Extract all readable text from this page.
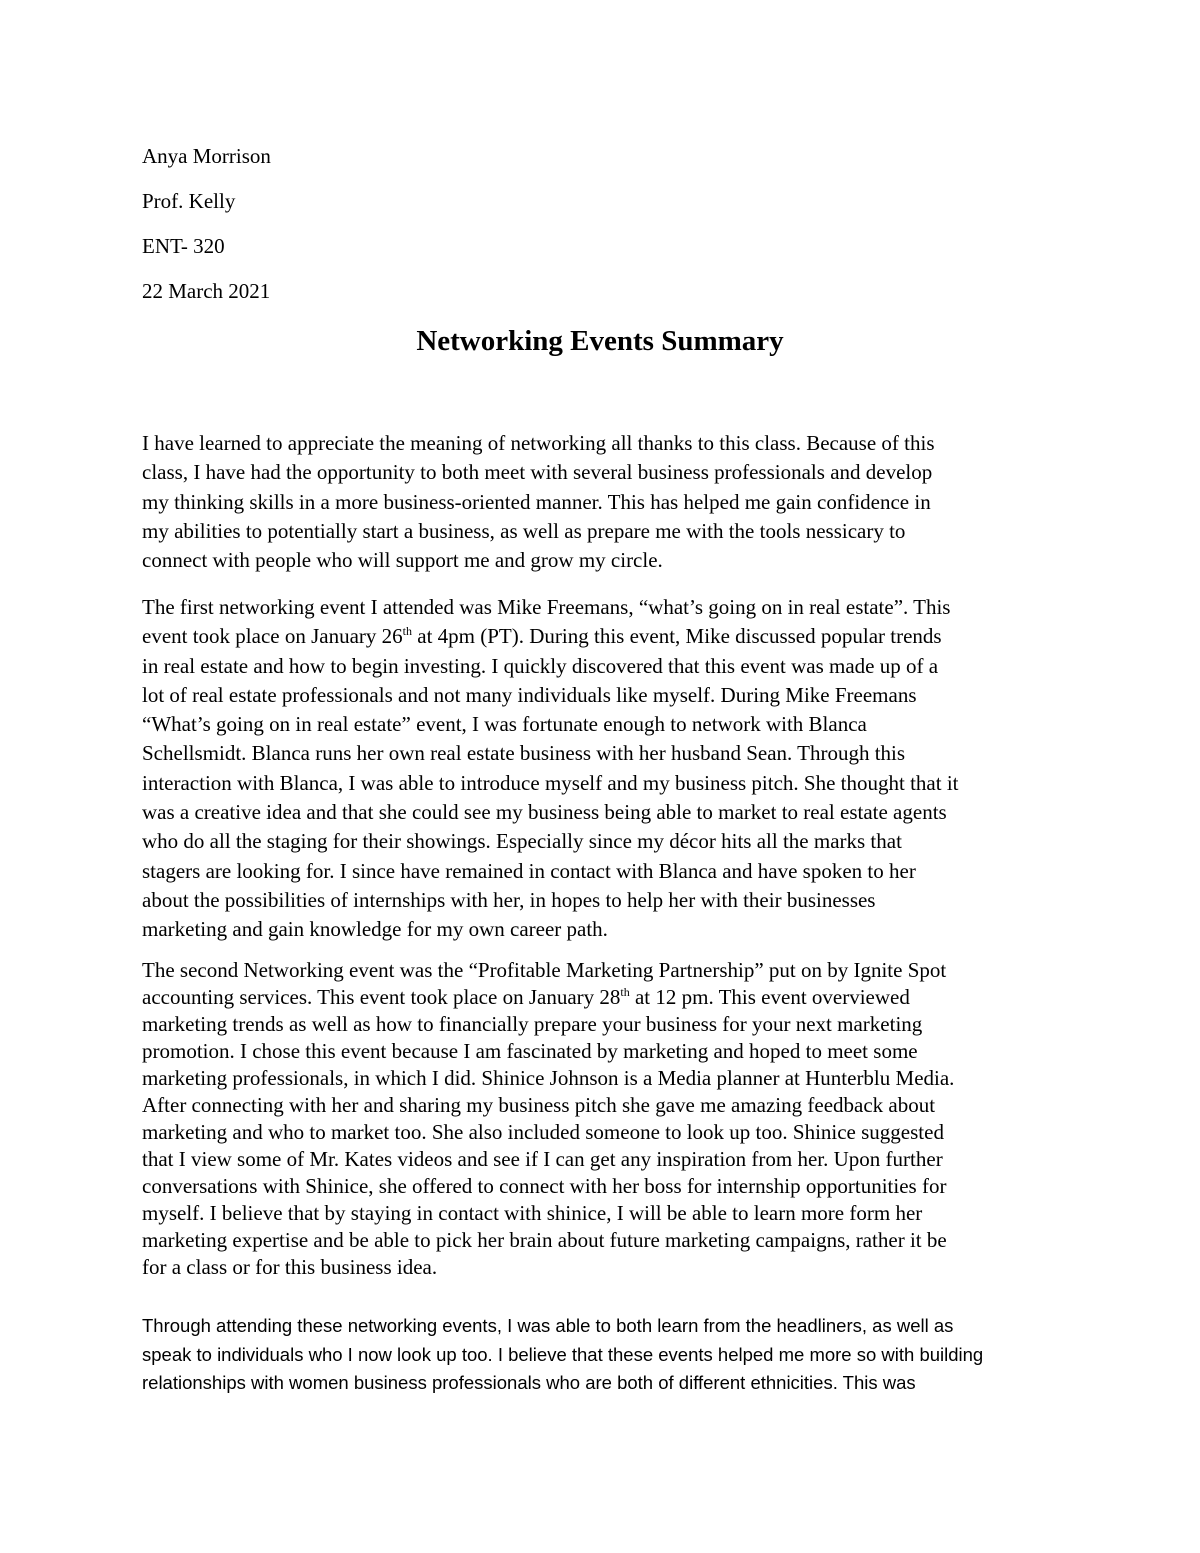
Anya Morrison
Prof. Kelly
ENT- 320
22 March 2021
Networking Events Summary
I have learned to appreciate the meaning of networking all thanks to this class. Because of this
class, I have had the opportunity to both meet with several business professionals and develop
my thinking skills in a more business-oriented manner. This has helped me gain confidence in
my abilities to potentially start a business, as well as prepare me with the tools nessicary to
connect with people who will support me and grow my circle.
The first networking event I attended was Mike Freemans, “what’s going on in real estate”. This
event took place on January 26th at 4pm (PT). During this event, Mike discussed popular trends
in real estate and how to begin investing. I quickly discovered that this event was made up of a
lot of real estate professionals and not many individuals like myself. During Mike Freemans
“What’s going on in real estate” event, I was fortunate enough to network with Blanca
Schellsmidt. Blanca runs her own real estate business with her husband Sean. Through this
interaction with Blanca, I was able to introduce myself and my business pitch. She thought that it
was a creative idea and that she could see my business being able to market to real estate agents
who do all the staging for their showings. Especially since my décor hits all the marks that
stagers are looking for. I since have remained in contact with Blanca and have spoken to her
about the possibilities of internships with her, in hopes to help her with their businesses
marketing and gain knowledge for my own career path.
The second Networking event was the “Profitable Marketing Partnership” put on by Ignite Spot
accounting services. This event took place on January 28th at 12 pm. This event overviewed
marketing trends as well as how to financially prepare your business for your next marketing
promotion. I chose this event because I am fascinated by marketing and hoped to meet some
marketing professionals, in which I did. Shinice Johnson is a Media planner at Hunterblu Media.
After connecting with her and sharing my business pitch she gave me amazing feedback about
marketing and who to market too. She also included someone to look up too. Shinice suggested
that I view some of Mr. Kates videos and see if I can get any inspiration from her. Upon further
conversations with Shinice, she offered to connect with her boss for internship opportunities for
myself. I believe that by staying in contact with shinice, I will be able to learn more form her
marketing expertise and be able to pick her brain about future marketing campaigns, rather it be
for a class or for this business idea.
Through attending these networking events, I was able to both learn from the headliners, as well as
speak to individuals who I now look up too. I believe that these events helped me more so with building
relationships with women business professionals who are both of different ethnicities. This was
